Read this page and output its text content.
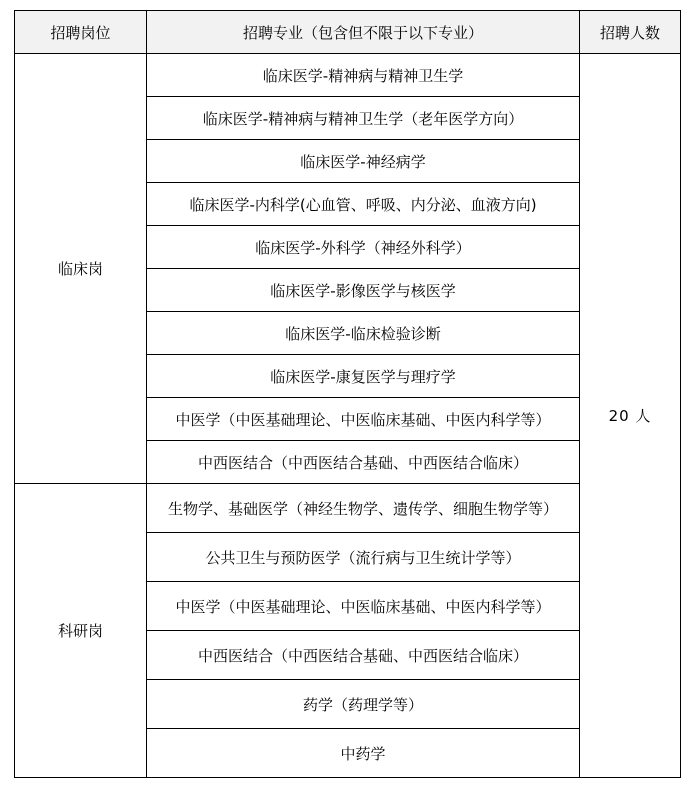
招聘岗位	招聘专业（包含但不限于以下专业）	招聘人数
临床岗	临床医学-精神病与精神卫生学	20 人
	临床医学-精神病与精神卫生学（老年医学方向）	
	临床医学-神经病学	
	临床医学-内科学(心血管、呼吸、内分泌、血液方向)	
	临床医学-外科学（神经外科学）	
	临床医学-影像医学与核医学	
	临床医学-临床检验诊断	
	临床医学-康复医学与理疗学	
	中医学（中医基础理论、中医临床基础、中医内科学等）	
	中西医结合（中西医结合基础、中西医结合临床）	
科研岗	生物学、基础医学（神经生物学、遗传学、细胞生物学等）	
	公共卫生与预防医学（流行病与卫生统计学等）	
	中医学（中医基础理论、中医临床基础、中医内科学等）	
	中西医结合（中西医结合基础、中西医结合临床）	
	药学（药理学等）	
	中药学	
